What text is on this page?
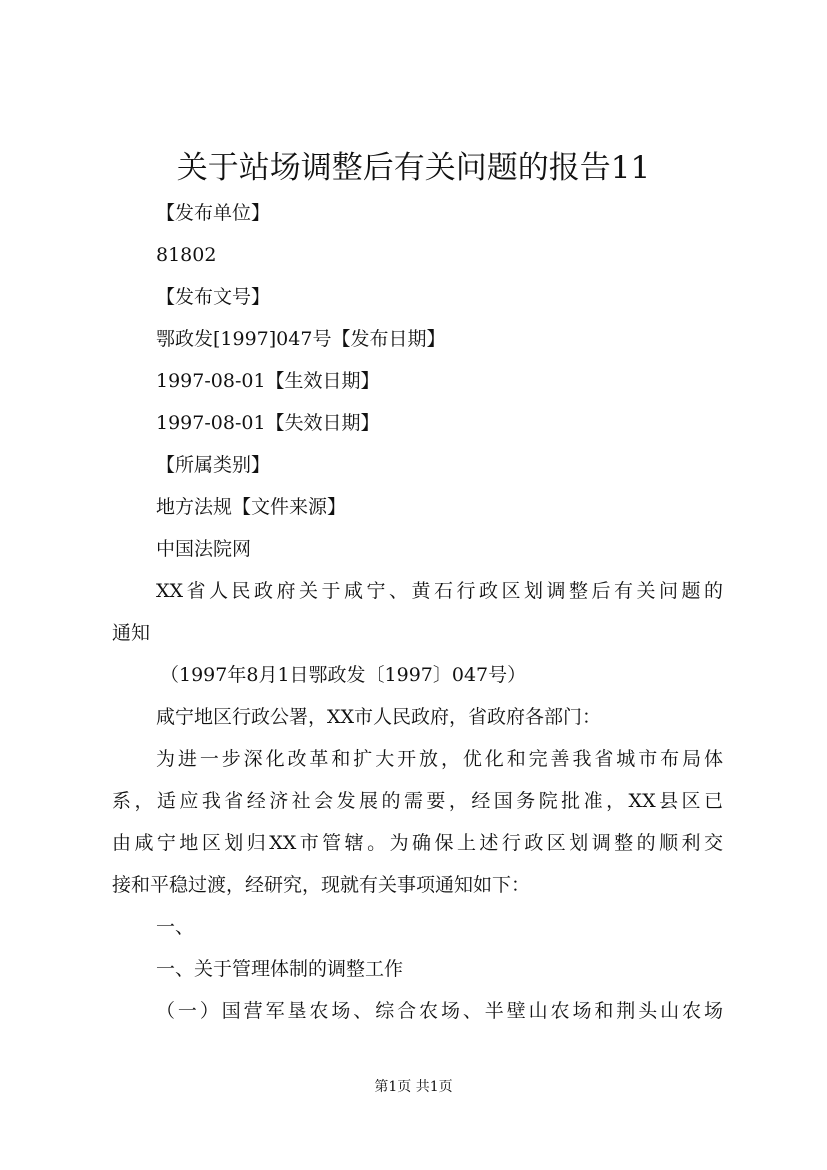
关于站场调整后有关问题的报告11
【发布单位】
81802
【发布文号】
鄂政发[1997]047号【发布日期】
1997-08-01【生效日期】
1997-08-01【失效日期】
【所属类别】
地方法规【文件来源】
中国法院网
XX省人民政府关于咸宁、黄石行政区划调整后有关问题的
通知
（1997年8月1日鄂政发〔1997〕047号）
咸宁地区行政公署，XX市人民政府，省政府各部门：
为进一步深化改革和扩大开放，优化和完善我省城市布局体
系，适应我省经济社会发展的需要，经国务院批准，XX县区已
由咸宁地区划归XX市管辖。为确保上述行政区划调整的顺利交
接和平稳过渡，经研究，现就有关事项通知如下：
一、
一、关于管理体制的调整工作
（一）国营军垦农场、综合农场、半壁山农场和荆头山农场
第1页 共1页
